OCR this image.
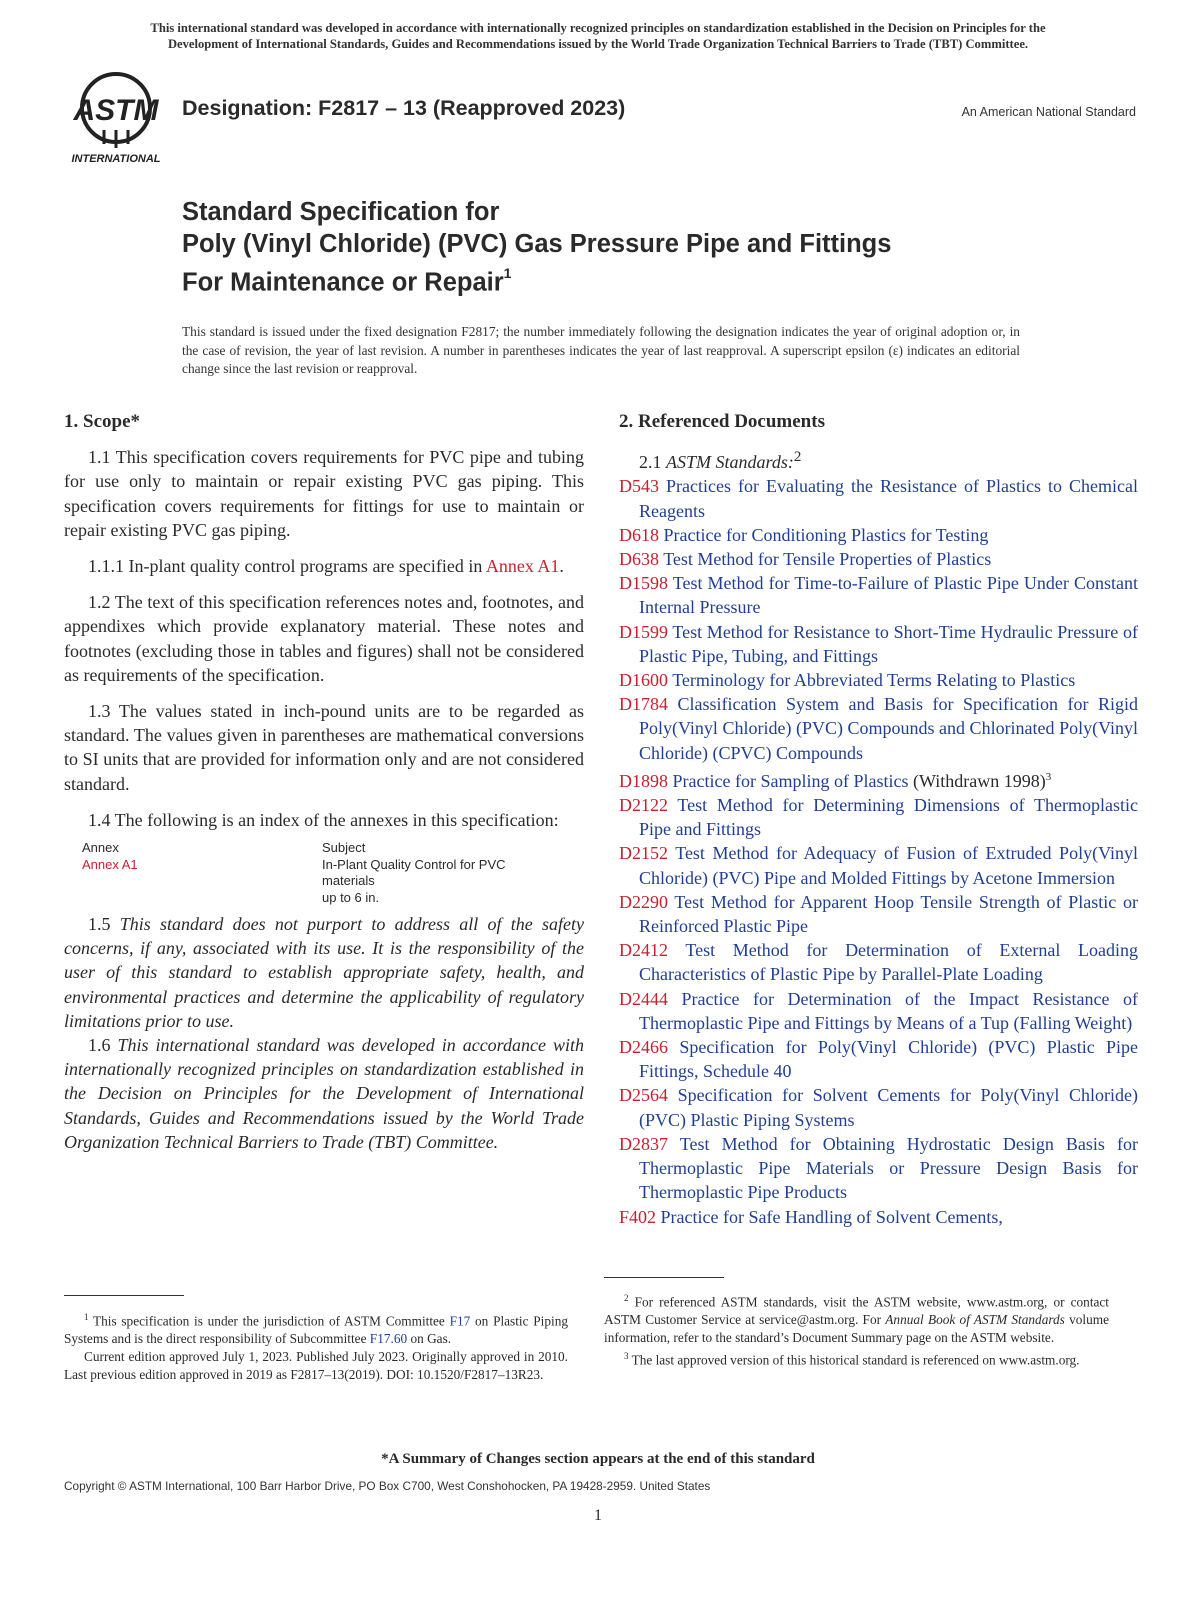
This international standard was developed in accordance with internationally recognized principles on standardization established in the Decision on Principles for the
Development of International Standards, Guides and Recommendations issued by the World Trade Organization Technical Barriers to Trade (TBT) Committee.
ASTM
INTERNATIONAL
Designation: F2817 – 13 (Reapproved 2023)	An American National Standard
Standard Specification for
Poly (Vinyl Chloride) (PVC) Gas Pressure Pipe and Fittings
For Maintenance or Repair$^1$
This standard is issued under the fixed designation F2817; the number immediately following the designation indicates the year of original adoption or, in the case of revision, the year of last revision. A number in parentheses indicates the year of last reapproval. A superscript epsilon (ε) indicates an editorial change since the last revision or reapproval.
1. Scope*

1.1 This specification covers requirements for PVC pipe and tubing for use only to maintain or repair existing PVC gas piping. This specification covers requirements for fittings for use to maintain or repair existing PVC gas piping.

1.1.1 In-plant quality control programs are specified in Annex A1.

1.2 The text of this specification references notes and, footnotes, and appendixes which provide explanatory material. These notes and footnotes (excluding those in tables and figures) shall not be considered as requirements of the specification.

1.3 The values stated in inch-pound units are to be regarded as standard. The values given in parentheses are mathematical conversions to SI units that are provided for information only and are not considered standard.

1.4 The following is an index of the annexes in this specification:

Annex	Subject
Annex A1	In-Plant Quality Control for PVC
materials
up to 6 in.

1.5 This standard does not purport to address all of the safety concerns, if any, associated with its use. It is the responsibility of the user of this standard to establish appropriate safety, health, and environmental practices and determine the applicability of regulatory limitations prior to use.

1.6 This international standard was developed in accordance with internationally recognized principles on standardization established in the Decision on Principles for the Development of International Standards, Guides and Recommendations issued by the World Trade Organization Technical Barriers to Trade (TBT) Committee.

2. Referenced Documents
2.1 ASTM Standards:$^2$

D543 Practices for Evaluating the Resistance of Plastics to Chemical Reagents

D618 Practice for Conditioning Plastics for Testing

D638 Test Method for Tensile Properties of Plastics

D1598 Test Method for Time-to-Failure of Plastic Pipe Under Constant Internal Pressure

D1599 Test Method for Resistance to Short-Time Hydraulic Pressure of Plastic Pipe, Tubing, and Fittings

D1600 Terminology for Abbreviated Terms Relating to Plastics

D1784 Classification System and Basis for Specification for Rigid Poly(Vinyl Chloride) (PVC) Compounds and Chlorinated Poly(Vinyl Chloride) (CPVC) Compounds

D1898 Practice for Sampling of Plastics (Withdrawn 1998)$^3$

D2122 Test Method for Determining Dimensions of Thermoplastic Pipe and Fittings

D2152 Test Method for Adequacy of Fusion of Extruded Poly(Vinyl Chloride) (PVC) Pipe and Molded Fittings by Acetone Immersion

D2290 Test Method for Apparent Hoop Tensile Strength of Plastic or Reinforced Plastic Pipe

D2412 Test Method for Determination of External Loading Characteristics of Plastic Pipe by Parallel-Plate Loading

D2444 Practice for Determination of the Impact Resistance of Thermoplastic Pipe and Fittings by Means of a Tup (Falling Weight)

D2466 Specification for Poly(Vinyl Chloride) (PVC) Plastic Pipe Fittings, Schedule 40

D2564 Specification for Solvent Cements for Poly(Vinyl Chloride) (PVC) Plastic Piping Systems

D2837 Test Method for Obtaining Hydrostatic Design Basis for Thermoplastic Pipe Materials or Pressure Design Basis for Thermoplastic Pipe Products

F402 Practice for Safe Handling of Solvent Cements,

$^1$ This specification is under the jurisdiction of ASTM Committee F17 on Plastic Piping Systems and is the direct responsibility of Subcommittee F17.60 on Gas.

Current edition approved July 1, 2023. Published July 2023. Originally approved in 2010. Last previous edition approved in 2019 as F2817–13(2019). DOI: 10.1520/F2817–13R23.

$^2$ For referenced ASTM standards, visit the ASTM website, www.astm.org, or contact ASTM Customer Service at service@astm.org. For Annual Book of ASTM Standards volume information, refer to the standard’s Document Summary page on the ASTM website.

$^3$ The last approved version of this historical standard is referenced on www.astm.org.

*A Summary of Changes section appears at the end of this standard
Copyright © ASTM International, 100 Barr Harbor Drive, PO Box C700, West Conshohocken, PA 19428-2959. United States
1
